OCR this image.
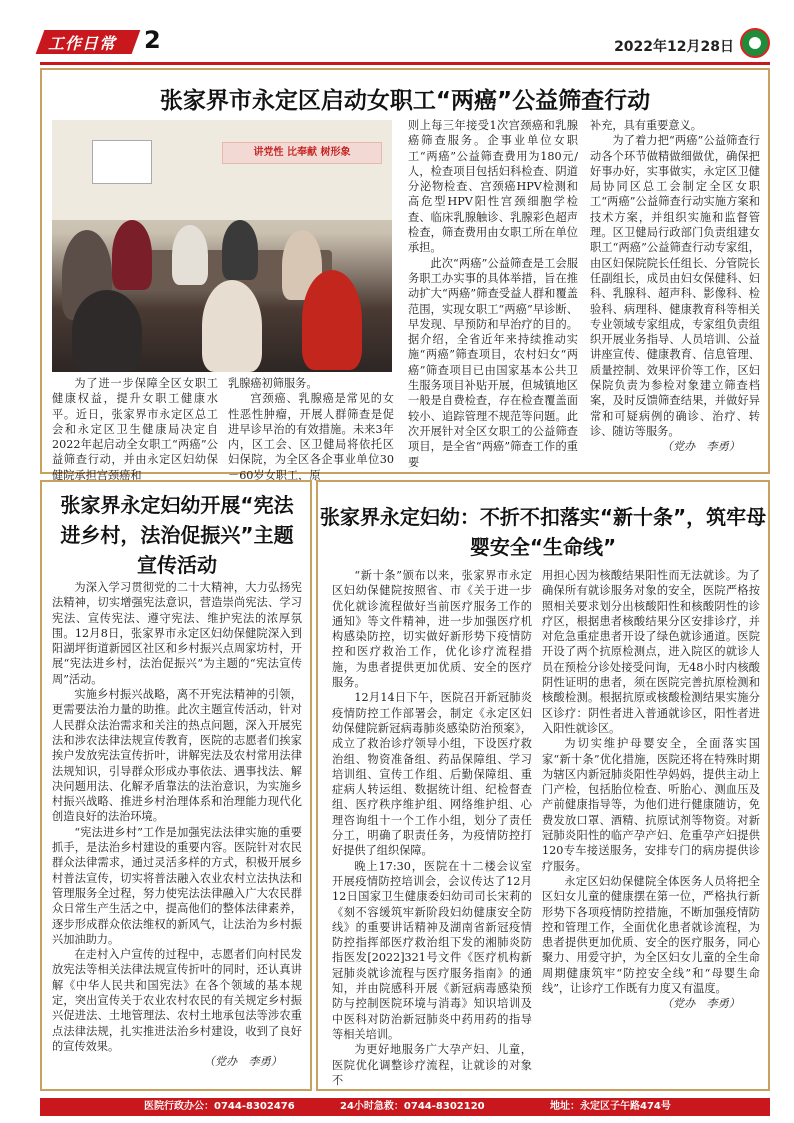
工作日常 2	2022年12月28日
张家界市永定区启动女职工“两癌”公益筛查行动
讲党性 比奉献 树形象

为了进一步保障全区女职工健康权益，提升女职工健康水平。近日，张家界市永定区总工会和永定区卫生健康局决定自2022年起启动全女职工“两癌”公益筛查行动，并由永定区妇幼保健院承担宫颈癌和

乳腺癌初筛服务。

宫颈癌、乳腺癌是常见的女性恶性肿瘤，开展人群筛查是促进早诊早治的有效措施。未来3年内，区工会、区卫健局将依托区妇保院，为全区各企事业单位30－60岁女职工，原

则上每三年接受1次宫颈癌和乳腺癌筛查服务。企事业单位女职工“两癌”公益筛查费用为180元/人，检查项目包括妇科检查、阴道分泌物检查、宫颈癌HPV检测和高危型HPV阳性宫颈细胞学检查、临床乳腺触诊、乳腺彩色超声检查，筛查费用由女职工所在单位承担。

此次“两癌”公益筛查是工会服务职工办实事的具体举措，旨在推动扩大“两癌”筛查受益人群和覆盖范围，实现女职工“两癌”早诊断、早发现、早预防和早治疗的目的。据介绍，全省近年来持续推动实施“两癌”筛查项目，农村妇女“两癌”筛查项目已由国家基本公共卫生服务项目补贴开展，但城镇地区一般是自费检查，存在检查覆盖面较小、追踪管理不规范等问题。此次开展针对全区女职工的公益筛查项目，是全省“两癌”筛查工作的重要

补充，具有重要意义。

为了着力把“两癌”公益筛查行动各个环节做精做细做优，确保把好事办好，实事做实，永定区卫健局协同区总工会制定全区女职工“两癌”公益筛查行动实施方案和技术方案，并组织实施和监督管理。区卫健局行政部门负责组建女职工“两癌”公益筛查行动专家组，由区妇保院院长任组长、分管院长任副组长，成员由妇女保健科、妇科、乳腺科、超声科、影像科、检验科、病理科、健康教育科等相关专业领域专家组成，专家组负责组织开展业务指导、人员培训、公益讲座宣传、健康教育、信息管理、质量控制、效果评价等工作，区妇保院负责为参检对象建立筛查档案，及时反馈筛查结果，并做好异常和可疑病例的确诊、治疗、转诊、随访等服务。

（党办　李勇）

张家界永定妇幼开展“宪法进乡村，法治促振兴”主题宣传活动

为深入学习贯彻党的二十大精神，大力弘扬宪法精神，切实增强宪法意识，营造崇尚宪法、学习宪法、宣传宪法、遵守宪法、维护宪法的浓厚氛围。12月8日，张家界市永定区妇幼保健院深入到阳湖坪街道新园区社区和乡村振兴点周家坊村，开展“宪法进乡村，法治促振兴”为主题的“宪法宣传周”活动。

实施乡村振兴战略，离不开宪法精神的引领，更需要法治力量的助推。此次主题宣传活动，针对人民群众法治需求和关注的热点问题，深入开展宪法和涉农法律法规宣传教育，医院的志愿者们挨家挨户发放宪法宣传折叶，讲解宪法及农村常用法律法规知识，引导群众形成办事依法、遇事找法、解决问题用法、化解矛盾靠法的法治意识，为实施乡村振兴战略、推进乡村治理体系和治理能力现代化创造良好的法治环境。

“宪法进乡村”工作是加强宪法法律实施的重要抓手，是法治乡村建设的重要内容。医院针对农民群众法律需求，通过灵活多样的方式，积极开展乡村普法宣传，切实将普法融入农业农村立法执法和管理服务全过程，努力使宪法法律融入广大农民群众日常生产生活之中，提高他们的整体法律素养，逐步形成群众依法维权的新风气，让法治为乡村振兴加油助力。

在走村入户宣传的过程中，志愿者们向村民发放宪法等相关法律法规宣传折叶的同时，还认真讲解《中华人民共和国宪法》在各个领域的基本规定，突出宣传关于农业农村农民的有关规定乡村振兴促进法、土地管理法、农村土地承包法等涉农重点法律法规，扎实推进法治乡村建设，收到了良好的宣传效果。

（党办　李勇）

张家界永定妇幼：不折不扣落实“新十条”，筑牢母婴安全“生命线”

“新十条”颁布以来，张家界市永定区妇幼保健院按照省、市《关于进一步优化就诊流程做好当前医疗服务工作的通知》等文件精神，进一步加强医疗机构感染防控，切实做好新形势下疫情防控和医疗救治工作，优化诊疗流程措施，为患者提供更加优质、安全的医疗服务。

12月14日下午，医院召开新冠肺炎疫情防控工作部署会，制定《永定区妇幼保健院新冠病毒肺炎感染防治预案》，成立了救治诊疗领导小组，下设医疗救治组、物资准备组、药品保障组、学习培训组、宣传工作组、后勤保障组、重症病人转运组、数据统计组、纪检督查组、医疗秩序维护组、网络维护组、心理咨询组十一个工作小组，划分了责任分工，明确了职责任务，为疫情防控打好提供了组织保障。

晚上17:30，医院在十二楼会议室开展疫情防控培训会，会议传达了12月12日国家卫生健康委妇幼司司长宋莉的《刻不容缓筑牢新阶段妇幼健康安全防线》的重要讲话精神及湖南省新冠疫情防控指挥部医疗救治组下发的湘肺炎防指医发[2022]321号文件《医疗机构新冠肺炎就诊流程与医疗服务指南》的通知，并由院感科开展《新冠病毒感染预防与控制医院环境与消毒》知识培训及中医科对防治新冠肺炎中药用药的指导等相关培训。

为更好地服务广大孕产妇、儿童，医院优化调整诊疗流程，让就诊的对象不

用担心因为核酸结果阳性而无法就诊。为了确保所有就诊服务对象的安全，医院严格按照相关要求划分出核酸阳性和核酸阴性的诊疗区，根据患者核酸结果分区安排诊疗，并对危急重症患者开设了绿色就诊通道。医院开设了两个抗原检测点，进入院区的就诊人员在预检分诊处接受问询，无48小时内核酸阴性证明的患者，须在医院完善抗原检测和核酸检测。根据抗原或核酸检测结果实施分区诊疗：阴性者进入普通就诊区，阳性者进入阳性就诊区。

为切实维护母婴安全，全面落实国家“新十条”优化措施，医院还将在特殊时期为辖区内新冠肺炎阳性孕妈妈，提供主动上门产检，包括胎位检查、听胎心、测血压及产前健康指导等，为他们进行健康随访，免费发放口罩、酒精、抗原试剂等物资。对新冠肺炎阳性的临产孕产妇、危重孕产妇提供120专车接送服务，安排专门的病房提供诊疗服务。

永定区妇幼保健院全体医务人员将把全区妇女儿童的健康摆在第一位，严格执行新形势下各项疫情防控措施，不断加强疫情防控和管理工作，全面优化患者就诊流程，为患者提供更加优质、安全的医疗服务，同心聚力、用爱守护，为全区妇女儿童的全生命周期健康筑牢“防控安全线”和“母婴生命线”，让诊疗工作既有力度又有温度。

（党办　李勇）

医院行政办公：0744-8302476	24小时急救：0744-8302120	地址：永定区子午路474号
